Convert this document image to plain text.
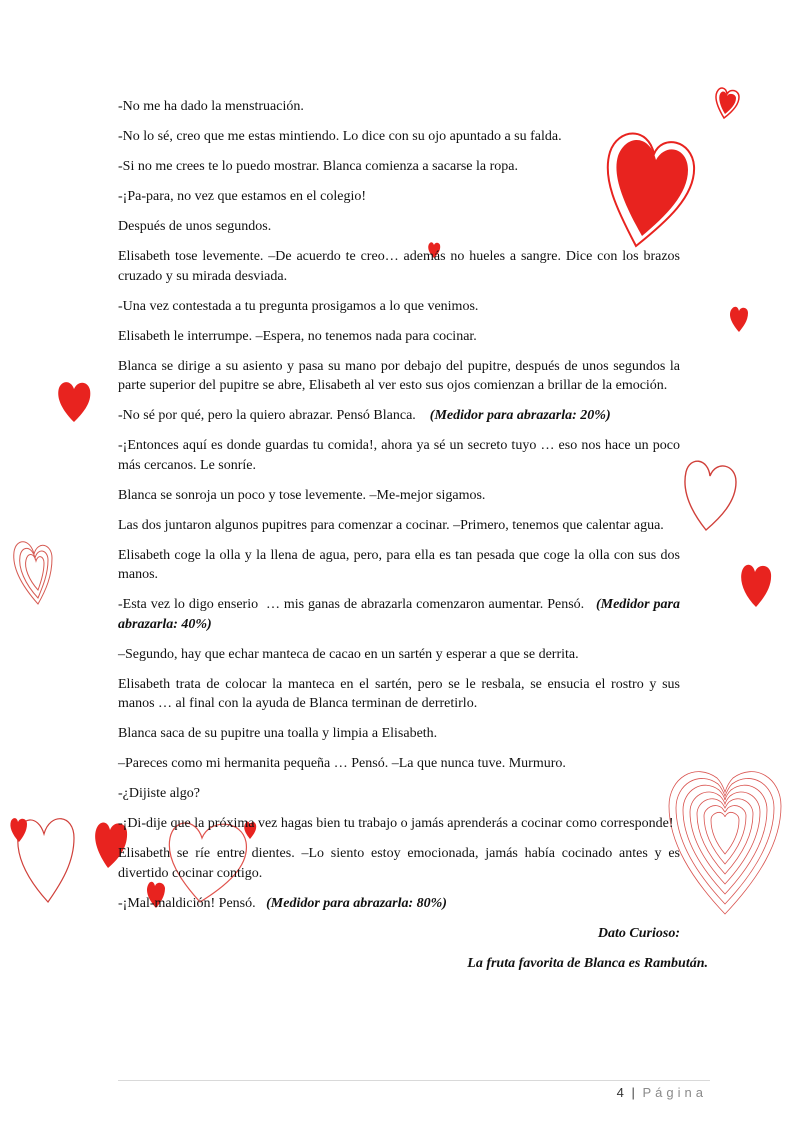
-No me ha dado la menstruación.

-No lo sé, creo que me estas mintiendo. Lo dice con su ojo apuntado a su falda.

-Si no me crees te lo puedo mostrar. Blanca comienza a sacarse la ropa.

-¡Pa-para, no vez que estamos en el colegio!

Después de unos segundos.

Elisabeth tose levemente. –De acuerdo te creo… además no hueles a sangre. Dice con los brazos cruzado y su mirada desviada.

-Una vez contestada a tu pregunta prosigamos a lo que venimos.

Elisabeth le interrumpe. –Espera, no tenemos nada para cocinar.

Blanca se dirige a su asiento y pasa su mano por debajo del pupitre, después de unos segundos la parte superior del pupitre se abre, Elisabeth al ver esto sus ojos comienzan a brillar de la emoción.

-No sé por qué, pero la quiero abrazar. Pensó Blanca.    (Medidor para abrazarla: 20%)

-¡Entonces aquí es donde guardas tu comida!, ahora ya sé un secreto tuyo … eso nos hace un poco más cercanos. Le sonríe.

Blanca se sonroja un poco y tose levemente. –Me-mejor sigamos.

Las dos juntaron algunos pupitres para comenzar a cocinar. –Primero, tenemos que calentar agua.

Elisabeth coge la olla y la llena de agua, pero, para ella es tan pesada que coge la olla con sus dos manos.

-Esta vez lo digo enserio  … mis ganas de abrazarla comenzaron aumentar. Pensó.   (Medidor para abrazarla: 40%)

–Segundo, hay que echar manteca de cacao en un sartén y esperar a que se derrita.

Elisabeth trata de colocar la manteca en el sartén, pero se le resbala, se ensucia el rostro y sus manos … al final con la ayuda de Blanca terminan de derretirlo.

Blanca saca de su pupitre una toalla y limpia a Elisabeth.

–Pareces como mi hermanita pequeña … Pensó. –La que nunca tuve. Murmuro.

-¿Dijiste algo?

-¡Di-dije que la próxima vez hagas bien tu trabajo o jamás aprenderás a cocinar como corresponde!

Elisabeth se ríe entre dientes. –Lo siento estoy emocionada, jamás había cocinado antes y es divertido cocinar contigo.

-¡Mal-maldición! Pensó.   (Medidor para abrazarla: 80%)

Dato Curioso:

La fruta favorita de Blanca es Rambután.

4 | Página
